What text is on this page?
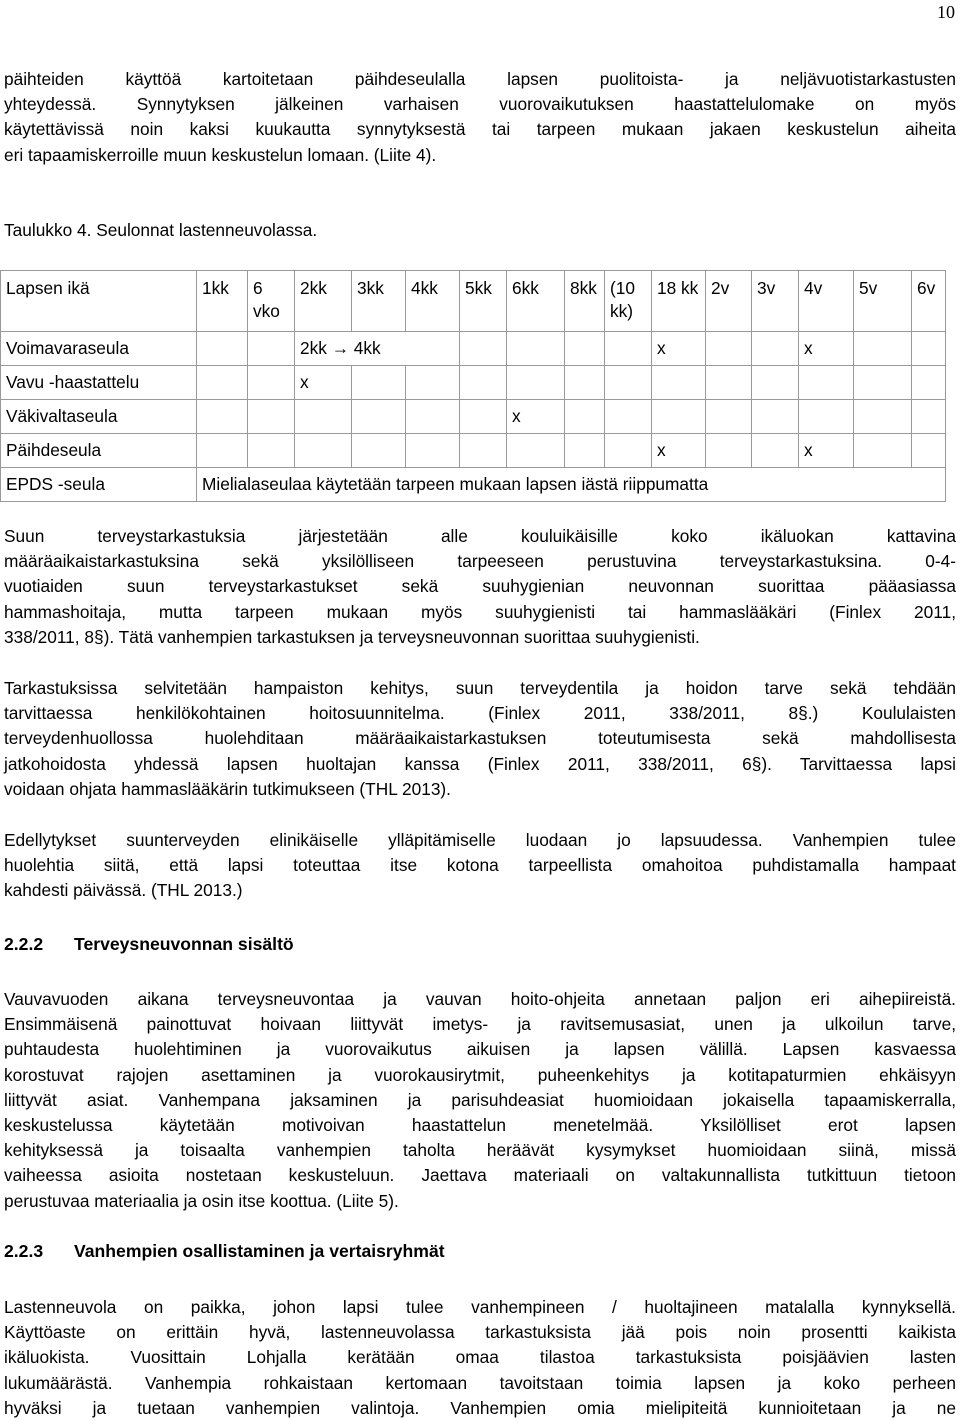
10

päihteiden käyttöä kartoitetaan päihdeseulalla lapsen puolitoista- ja neljävuotistarkastusten
yhteydessä. Synnytyksen jälkeinen varhaisen vuorovaikutuksen haastattelulomake on myös
käytettävissä noin kaksi kuukautta synnytyksestä tai tarpeen mukaan jakaen keskustelun aiheita
eri tapaamiskerroille muun keskustelun lomaan. (Liite 4).

Taulukko 4. Seulonnat lastenneuvolassa.

Lapsen ikä	1kk	6 vko	2kk	3kk	4kk	5kk	6kk	8kk	(10 kk)	18 kk	2v	3v	4v	5v	6v
Voimavaraseula			2kk → 4kk							x			x		
Vavu -haastattelu			x												
Väkivaltaseula							x								
Päihdeseula										x			x		
EPDS -seula	Mielialaseulaa käytetään tarpeen mukaan lapsen iästä riippumatta														

Suun terveystarkastuksia järjestetään alle kouluikäisille koko ikäluokan kattavina
määräaikaistarkastuksina sekä yksilölliseen tarpeeseen perustuvina terveystarkastuksina. 0-4-
vuotiaiden suun terveystarkastukset sekä suuhygienian neuvonnan suorittaa pääasiassa
hammashoitaja, mutta tarpeen mukaan myös suuhygienisti tai hammaslääkäri (Finlex 2011,
338/2011, 8§). Tätä vanhempien tarkastuksen ja terveysneuvonnan suorittaa suuhygienisti.

Tarkastuksissa selvitetään hampaiston kehitys, suun terveydentila ja hoidon tarve sekä tehdään
tarvittaessa henkilökohtainen hoitosuunnitelma. (Finlex 2011, 338/2011, 8§.) Koululaisten
terveydenhuollossa huolehditaan määräaikaistarkastuksen toteutumisesta sekä mahdollisesta
jatkohoidosta yhdessä lapsen huoltajan kanssa (Finlex 2011, 338/2011, 6§). Tarvittaessa lapsi
voidaan ohjata hammaslääkärin tutkimukseen (THL 2013).

Edellytykset suunterveyden elinikäiselle ylläpitämiselle luodaan jo lapsuudessa. Vanhempien tulee
huolehtia siitä, että lapsi toteuttaa itse kotona tarpeellista omahoitoa puhdistamalla hampaat
kahdesti päivässä. (THL 2013.)

2.2.2 Terveysneuvonnan sisältö

Vauvavuoden aikana terveysneuvontaa ja vauvan hoito-ohjeita annetaan paljon eri aihepiireistä.
Ensimmäisenä painottuvat hoivaan liittyvät imetys- ja ravitsemusasiat, unen ja ulkoilun tarve,
puhtaudesta huolehtiminen ja vuorovaikutus aikuisen ja lapsen välillä. Lapsen kasvaessa
korostuvat rajojen asettaminen ja vuorokausirytmit, puheenkehitys ja kotitapaturmien ehkäisyyn
liittyvät asiat. Vanhempana jaksaminen ja parisuhdeasiat huomioidaan jokaisella tapaamiskerralla,
keskustelussa käytetään motivoivan haastattelun menetelmää. Yksilölliset erot lapsen
kehityksessä ja toisaalta vanhempien taholta heräävät kysymykset huomioidaan siinä, missä
vaiheessa asioita nostetaan keskusteluun. Jaettava materiaali on valtakunnallista tutkittuun tietoon
perustuvaa materiaalia ja osin itse koottua. (Liite 5).

2.2.3 Vanhempien osallistaminen ja vertaisryhmät

Lastenneuvola on paikka, johon lapsi tulee vanhempineen / huoltajineen matalalla kynnyksellä.
Käyttöaste on erittäin hyvä, lastenneuvolassa tarkastuksista jää pois noin prosentti kaikista
ikäluokista. Vuosittain Lohjalla kerätään omaa tilastoa tarkastuksista poisjäävien lasten
lukumäärästä. Vanhempia rohkaistaan kertomaan tavoitstaan toimia lapsen ja koko perheen
hyväksi ja tuetaan vanhempien valintoja. Vanhempien omia mielipiteitä kunnioitetaan ja ne
